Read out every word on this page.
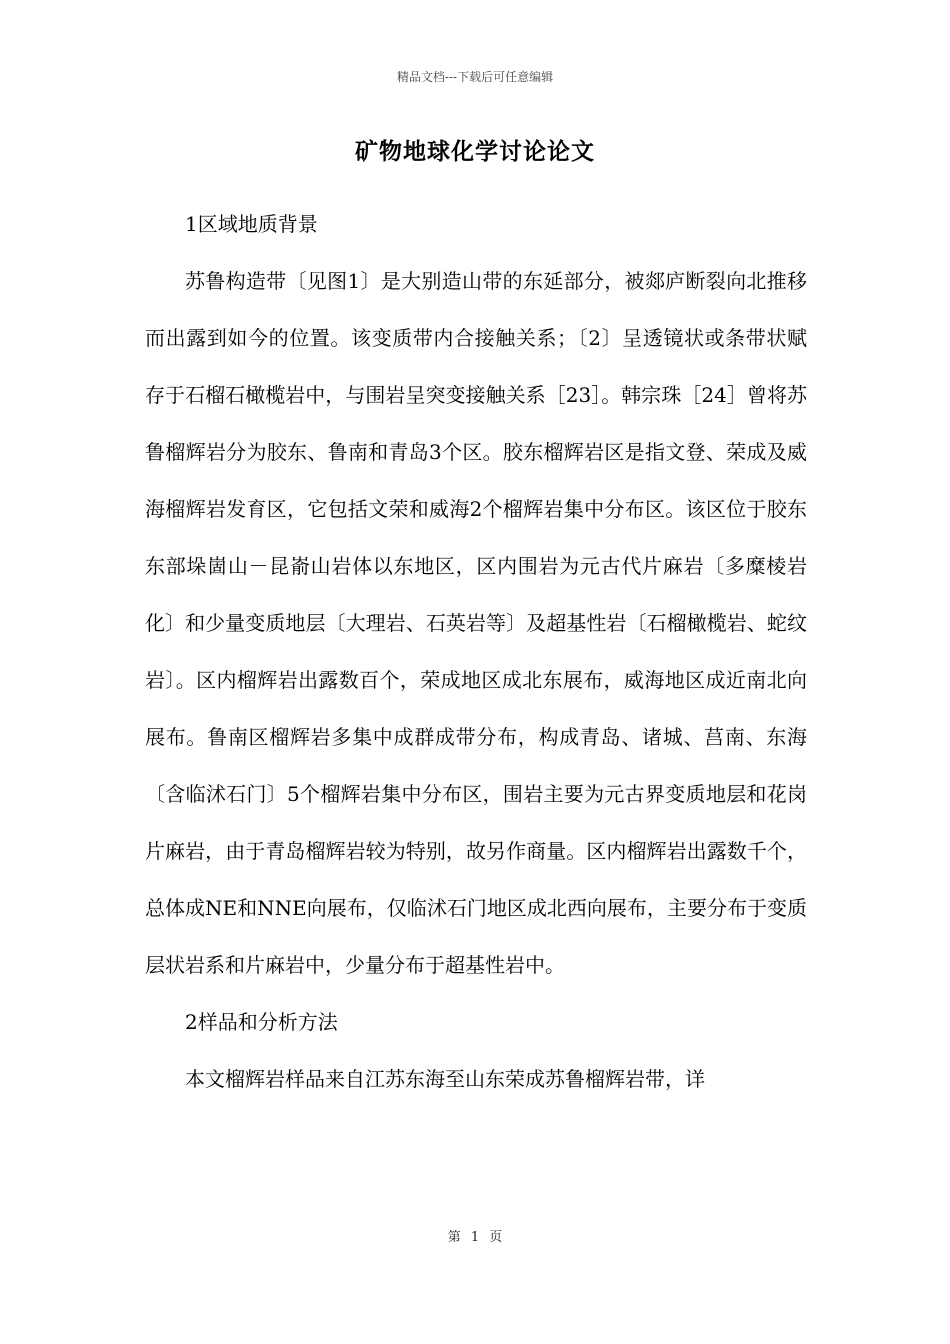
精品文档---下载后可任意编辑
矿物地球化学讨论论文

1区域地质背景

苏鲁构造带〔见图1〕是大别造山带的东延部分，被郯庐断裂向北推移而出露到如今的位置。该变质带内合接触关系；〔2〕呈透镜状或条带状赋存于石榴石橄榄岩中，与围岩呈突变接触关系［23］。韩宗珠［24］曾将苏鲁榴辉岩分为胶东、鲁南和青岛3个区。胶东榴辉岩区是指文登、荣成及威海榴辉岩发育区，它包括文荣和威海2个榴辉岩集中分布区。该区位于胶东东部垛崮山－昆嵛山岩体以东地区，区内围岩为元古代片麻岩〔多糜棱岩化〕和少量变质地层〔大理岩、石英岩等〕及超基性岩〔石榴橄榄岩、蛇纹岩〕。区内榴辉岩出露数百个，荣成地区成北东展布，威海地区成近南北向展布。鲁南区榴辉岩多集中成群成带分布，构成青岛、诸城、莒南、东海〔含临沭石门〕5个榴辉岩集中分布区，围岩主要为元古界变质地层和花岗片麻岩，由于青岛榴辉岩较为特别，故另作商量。区内榴辉岩出露数千个，总体成NE和NNE向展布，仅临沭石门地区成北西向展布，主要分布于变质层状岩系和片麻岩中，少量分布于超基性岩中。

2样品和分析方法

本文榴辉岩样品来自江苏东海至山东荣成苏鲁榴辉岩带，详

第 1 页
